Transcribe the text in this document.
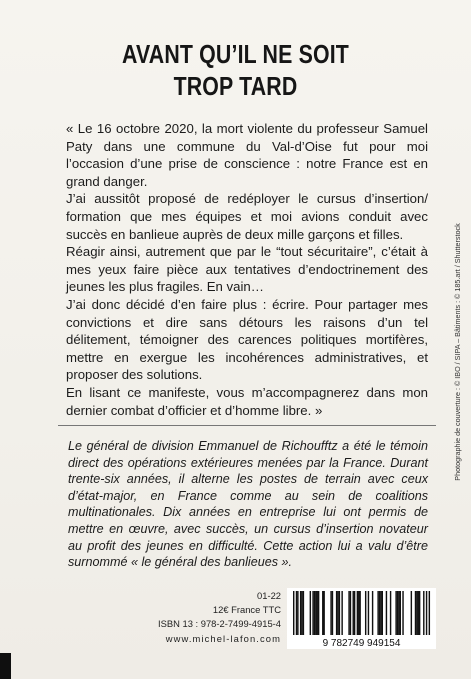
AVANT QU’IL NE SOIT
TROP TARD

« Le 16 octobre 2020, la mort violente du professeur Samuel Paty dans une commune du Val-d’Oise fut pour moi l’occasion d’une prise de conscience : notre France est en grand danger.

J’ai aussitôt proposé de redéployer le cursus d’insertion/ formation que mes équipes et moi avions conduit avec succès en banlieue auprès de deux mille garçons et filles.

Réagir ainsi, autrement que par le “tout sécuritaire”, c’était à mes yeux faire pièce aux tentatives d’endoctrinement des jeunes les plus fragiles. En vain…

J’ai donc décidé d’en faire plus : écrire. Pour partager mes convictions et dire sans détours les raisons d’un tel délitement, témoigner des carences politiques mortifères, mettre en exergue les incohérences administratives, et proposer des solutions.

En lisant ce manifeste, vous m’accompagnerez dans mon dernier combat d’officier et d’homme libre. »

Le général de division Emmanuel de Richoufftz a été le témoin direct des opérations extérieures menées par la France. Durant trente-six années, il alterne les postes de terrain avec ceux d’état-major, en France comme au sein de coalitions multinationales. Dix années en entreprise lui ont permis de mettre en œuvre, avec succès, un cursus d’insertion novateur au profit des jeunes en difficulté. Cette action lui a valu d’être surnommé « le général des banlieues ».

01-22
12€ France TTC
ISBN 13 : 978-2-7499-4915-4
www.michel-lafon.com	9 782749 949154
Photographie de couverture : © IBO / SIPA – Bâtiments : © 185.art / Shutterstock
